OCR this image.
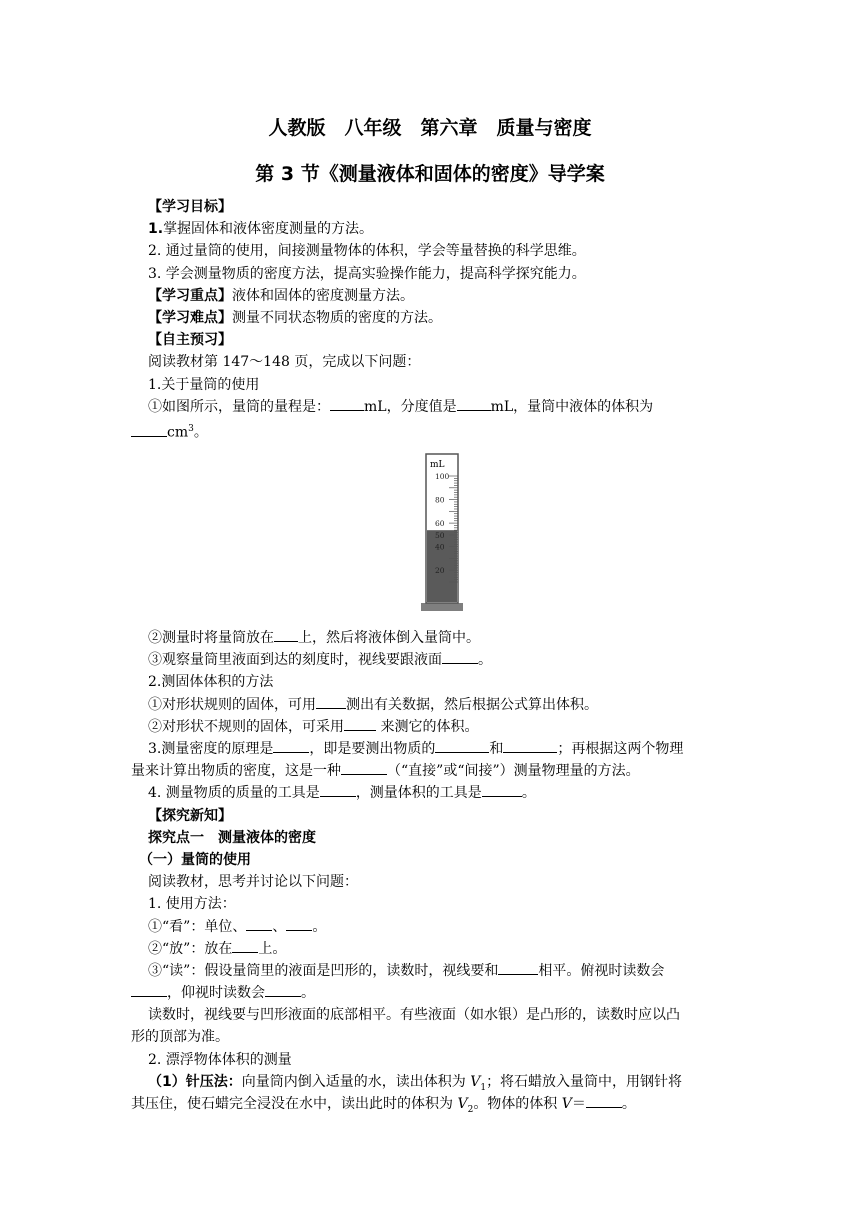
人教版　八年级　第六章　质量与密度
第 3 节《测量液体和固体的密度》导学案
【学习目标】
1.掌握固体和液体密度测量的方法。
2. 通过量筒的使用，间接测量物体的体积，学会等量替换的科学思维。
3. 学会测量物质的密度方法，提高实验操作能力，提高科学探究能力。
【学习重点】液体和固体的密度测量方法。
【学习难点】测量不同状态物质的密度的方法。
【自主预习】
阅读教材第 147～148 页，完成以下问题：
1.关于量筒的使用
①如图所示，量筒的量程是： mL，分度值是 mL，量筒中液体的体积为
$cm^3$。
②测量时将量筒放在 上，然后将液体倒入量筒中。
③观察量筒里液面到达的刻度时，视线要跟液面	。
2.测固体体积的方法
①对形状规则的固体，可用 测出有关数据，然后根据公式算出体积。
②对形状不规则的固体，可采用 来测它的体积。
3.测量密度的原理是	，即是要测出物质的	和	；再根据这两个物理
量来计算出物质的密度，这是一种	（“直接”或“间接”）测量物理量的方法。
4. 测量物质的质量的工具是	，测量体积的工具是	。
【探究新知】
探究点一　测量液体的密度
（一）量筒的使用
阅读教材，思考并讨论以下问题：
1. 使用方法：
①“看”：单位、 、 。
②“放”：放在 上。
③“读”：假设量筒里的液面是凹形的，读数时，视线要和	相平。俯视时读数会
，仰视时读数会	。
读数时，视线要与凹形液面的底部相平。有些液面（如水银）是凸形的，读数时应以凸
形的顶部为准。
2. 漂浮物体体积的测量
（1）针压法：向量筒内倒入适量的水，读出体积为 $V_1$；将石蜡放入量筒中，用钢针将
其压住，使石蜡完全浸没在水中，读出此时的体积为 $V_2$。物体的体积 V＝	。
mL
100
80
60
50
40
20
